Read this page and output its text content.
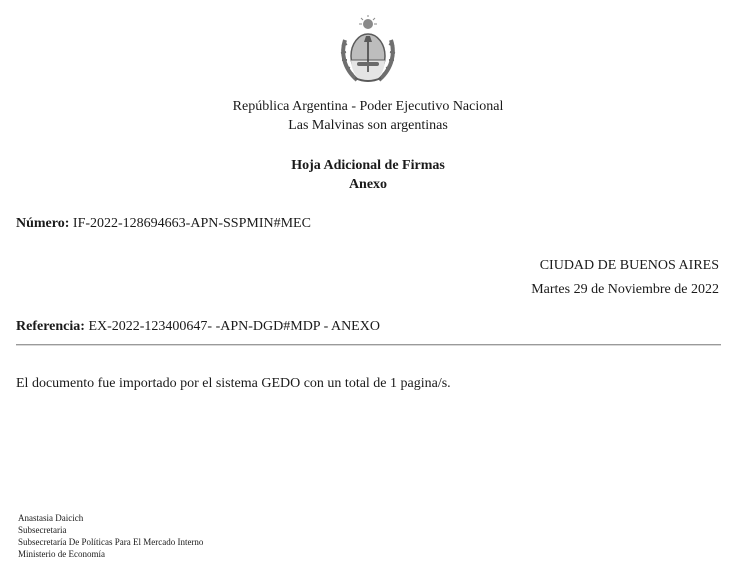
República Argentina - Poder Ejecutivo Nacional
Las Malvinas son argentinas
Hoja Adicional de Firmas
Anexo
Número: IF-2022-128694663-APN-SSPMIN#MEC
CIUDAD DE BUENOS AIRES
Martes 29 de Noviembre de 2022
Referencia: EX-2022-123400647- -APN-DGD#MDP - ANEXO
El documento fue importado por el sistema GEDO con un total de 1 pagina/s.
Anastasia Daicich
Subsecretaria
Subsecretaría De Políticas Para El Mercado Interno
Ministerio de Economía
